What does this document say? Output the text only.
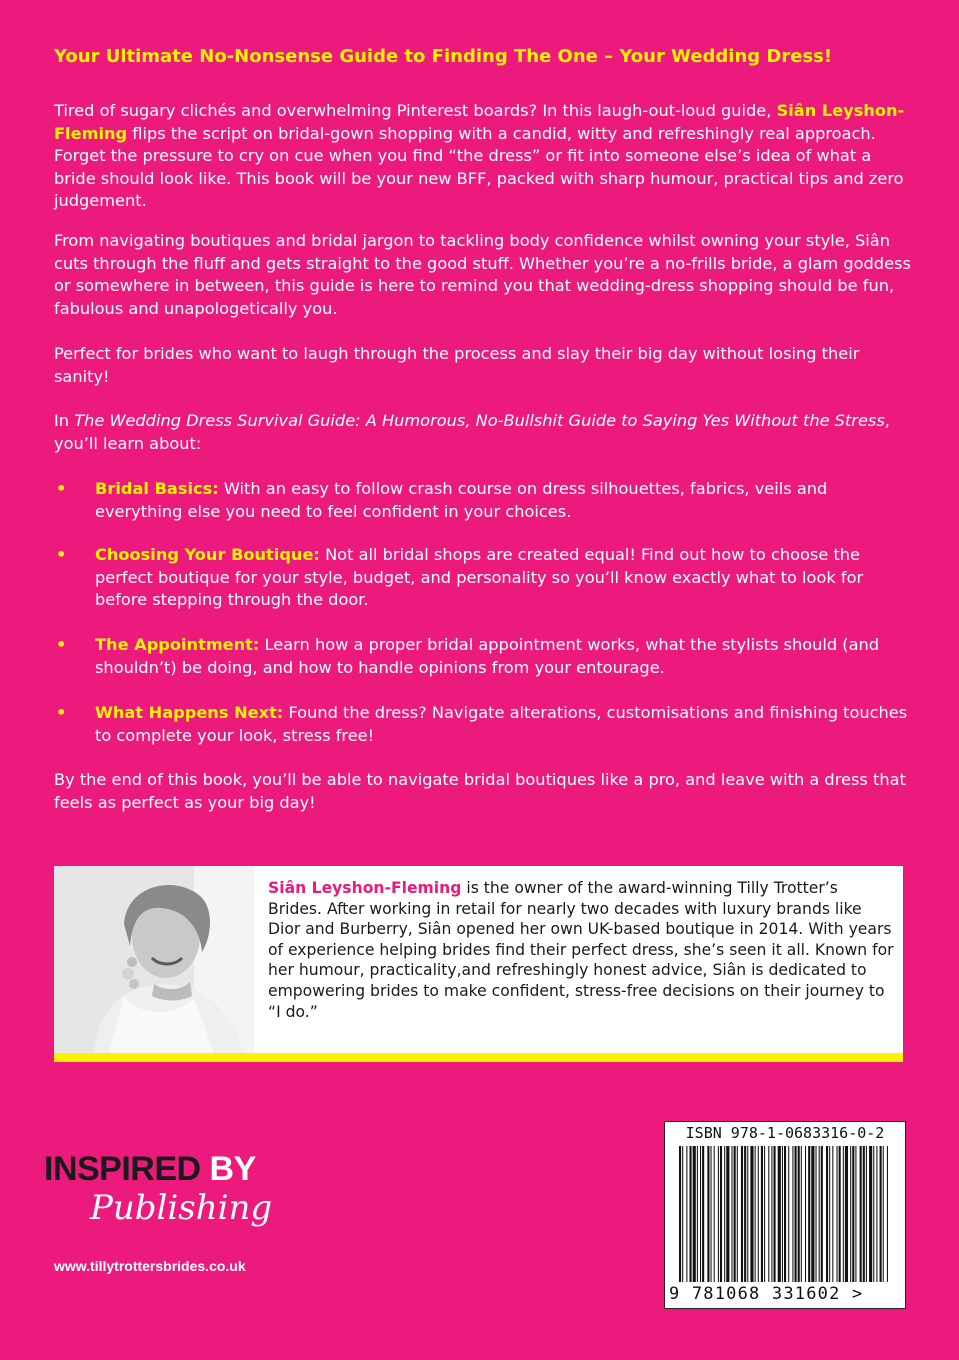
Your Ultimate No-Nonsense Guide to Finding The One – Your Wedding Dress!

Tired of sugary clichés and overwhelming Pinterest boards? In this laugh-out-loud guide, Siân Leyshon-Fleming flips the script on bridal-gown shopping with a candid, witty and refreshingly real approach. Forget the pressure to cry on cue when you find “the dress” or fit into someone else’s idea of what a bride should look like. This book will be your new BFF, packed with sharp humour, practical tips and zero judgement.

From navigating boutiques and bridal jargon to tackling body confidence whilst owning your style, Siân cuts through the fluff and gets straight to the good stuff. Whether you’re a no-frills bride, a glam goddess or somewhere in between, this guide is here to remind you that wedding-dress shopping should be fun, fabulous and unapologetically you.

Perfect for brides who want to laugh through the process and slay their big day without losing their sanity!

In The Wedding Dress Survival Guide: A Humorous, No-Bullshit Guide to Saying Yes Without the Stress, you’ll learn about:

• Bridal Basics: With an easy to follow crash course on dress silhouettes, fabrics, veils and everything else you need to feel confident in your choices.
• Choosing Your Boutique: Not all bridal shops are created equal! Find out how to choose the perfect boutique for your style, budget, and personality so you’ll know exactly what to look for before stepping through the door.
• The Appointment: Learn how a proper bridal appointment works, what the stylists should (and shouldn’t) be doing, and how to handle opinions from your entourage.
• What Happens Next: Found the dress? Navigate alterations, customisations and finishing touches to complete your look, stress free!

By the end of this book, you’ll be able to navigate bridal boutiques like a pro, and leave with a dress that feels as perfect as your big day!

Siân Leyshon-Fleming is the owner of the award-winning Tilly Trotter’s Brides. After working in retail for nearly two decades with luxury brands like Dior and Burberry, Siân opened her own UK-based boutique in 2014. With years of experience helping brides find their perfect dress, she’s seen it all. Known for her humour, practicality,and refreshingly honest advice, Siân is dedicated to empowering brides to make confident, stress-free decisions on their journey to “I do.”
INSPIRED BY
Publishing
www.tillytrottersbrides.co.uk
ISBN 978-1-0683316-0-2
9 781068 331602 >
